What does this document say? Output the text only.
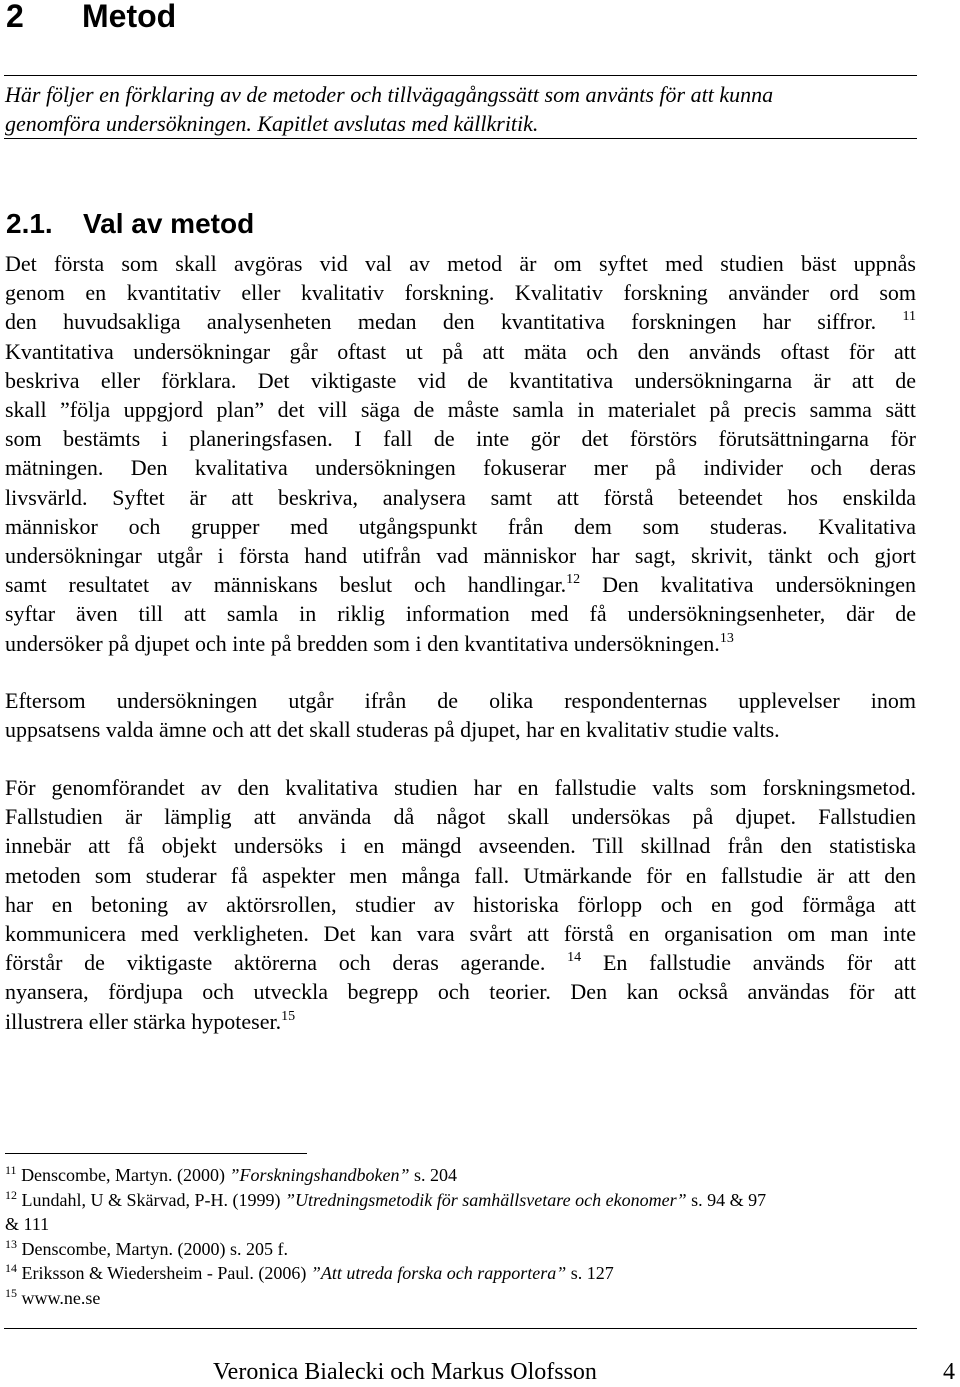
2 Metod

Här följer en förklaring av de metoder och tillvägagångssätt som använts för att kunna
genomföra undersökningen. Kapitlet avslutas med källkritik.

2.1. Val av metod
Det första som skall avgöras vid val av metod är om syftet med studien bäst uppnås
genom en kvantitativ eller kvalitativ forskning. Kvalitativ forskning använder ord som
den huvudsakliga analysenheten medan den kvantitativa forskningen har siffror. $^{11}$
Kvantitativa undersökningar går oftast ut på att mäta och den används oftast för att
beskriva eller förklara. Det viktigaste vid de kvantitativa undersökningarna är att de
skall ”följa uppgjord plan” det vill säga de måste samla in materialet på precis samma sätt
som bestämts i planeringsfasen. I fall de inte gör det förstörs förutsättningarna för
mätningen. Den kvalitativa undersökningen fokuserar mer på individer och deras
livsvärld. Syftet är att beskriva, analysera samt att förstå beteendet hos enskilda
människor och grupper med utgångspunkt från dem som studeras. Kvalitativa
undersökningar utgår i första hand utifrån vad människor har sagt, skrivit, tänkt och gjort
samt resultatet av människans beslut och handlingar.$^{12}$ Den kvalitativa undersökningen
syftar även till att samla in riklig information med få undersökningsenheter, där de
undersöker på djupet och inte på bredden som i den kvantitativa undersökningen.$^{13}$
Eftersom undersökningen utgår ifrån de olika respondenternas upplevelser inom
uppsatsens valda ämne och att det skall studeras på djupet, har en kvalitativ studie valts.
För genomförandet av den kvalitativa studien har en fallstudie valts som forskningsmetod.
Fallstudien är lämplig att använda då något skall undersökas på djupet. Fallstudien
innebär att få objekt undersöks i en mängd avseenden. Till skillnad från den statistiska
metoden som studerar få aspekter men många fall. Utmärkande för en fallstudie är att den
har en betoning av aktörsrollen, studier av historiska förlopp och en god förmåga att
kommunicera med verkligheten. Det kan vara svårt att förstå en organisation om man inte
förstår de viktigaste aktörerna och deras agerande. $^{14}$ En fallstudie används för att
nyansera, fördjupa och utveckla begrepp och teorier. Den kan också användas för att
illustrera eller stärka hypoteser.$^{15}$
$^{11}$ Denscombe, Martyn. (2000) ”Forskningshandboken” s. 204
$^{12}$ Lundahl, U & Skärvad, P-H. (1999) ”Utredningsmetodik för samhällsvetare och ekonomer” s. 94 & 97
& 111
$^{13}$ Denscombe, Martyn. (2000) s. 205 f.
$^{14}$ Eriksson & Wiedersheim - Paul. (2006) ”Att utreda forska och rapportera” s. 127
$^{15}$ www.ne.se

Veronica Bialecki och Markus Olofsson	4
